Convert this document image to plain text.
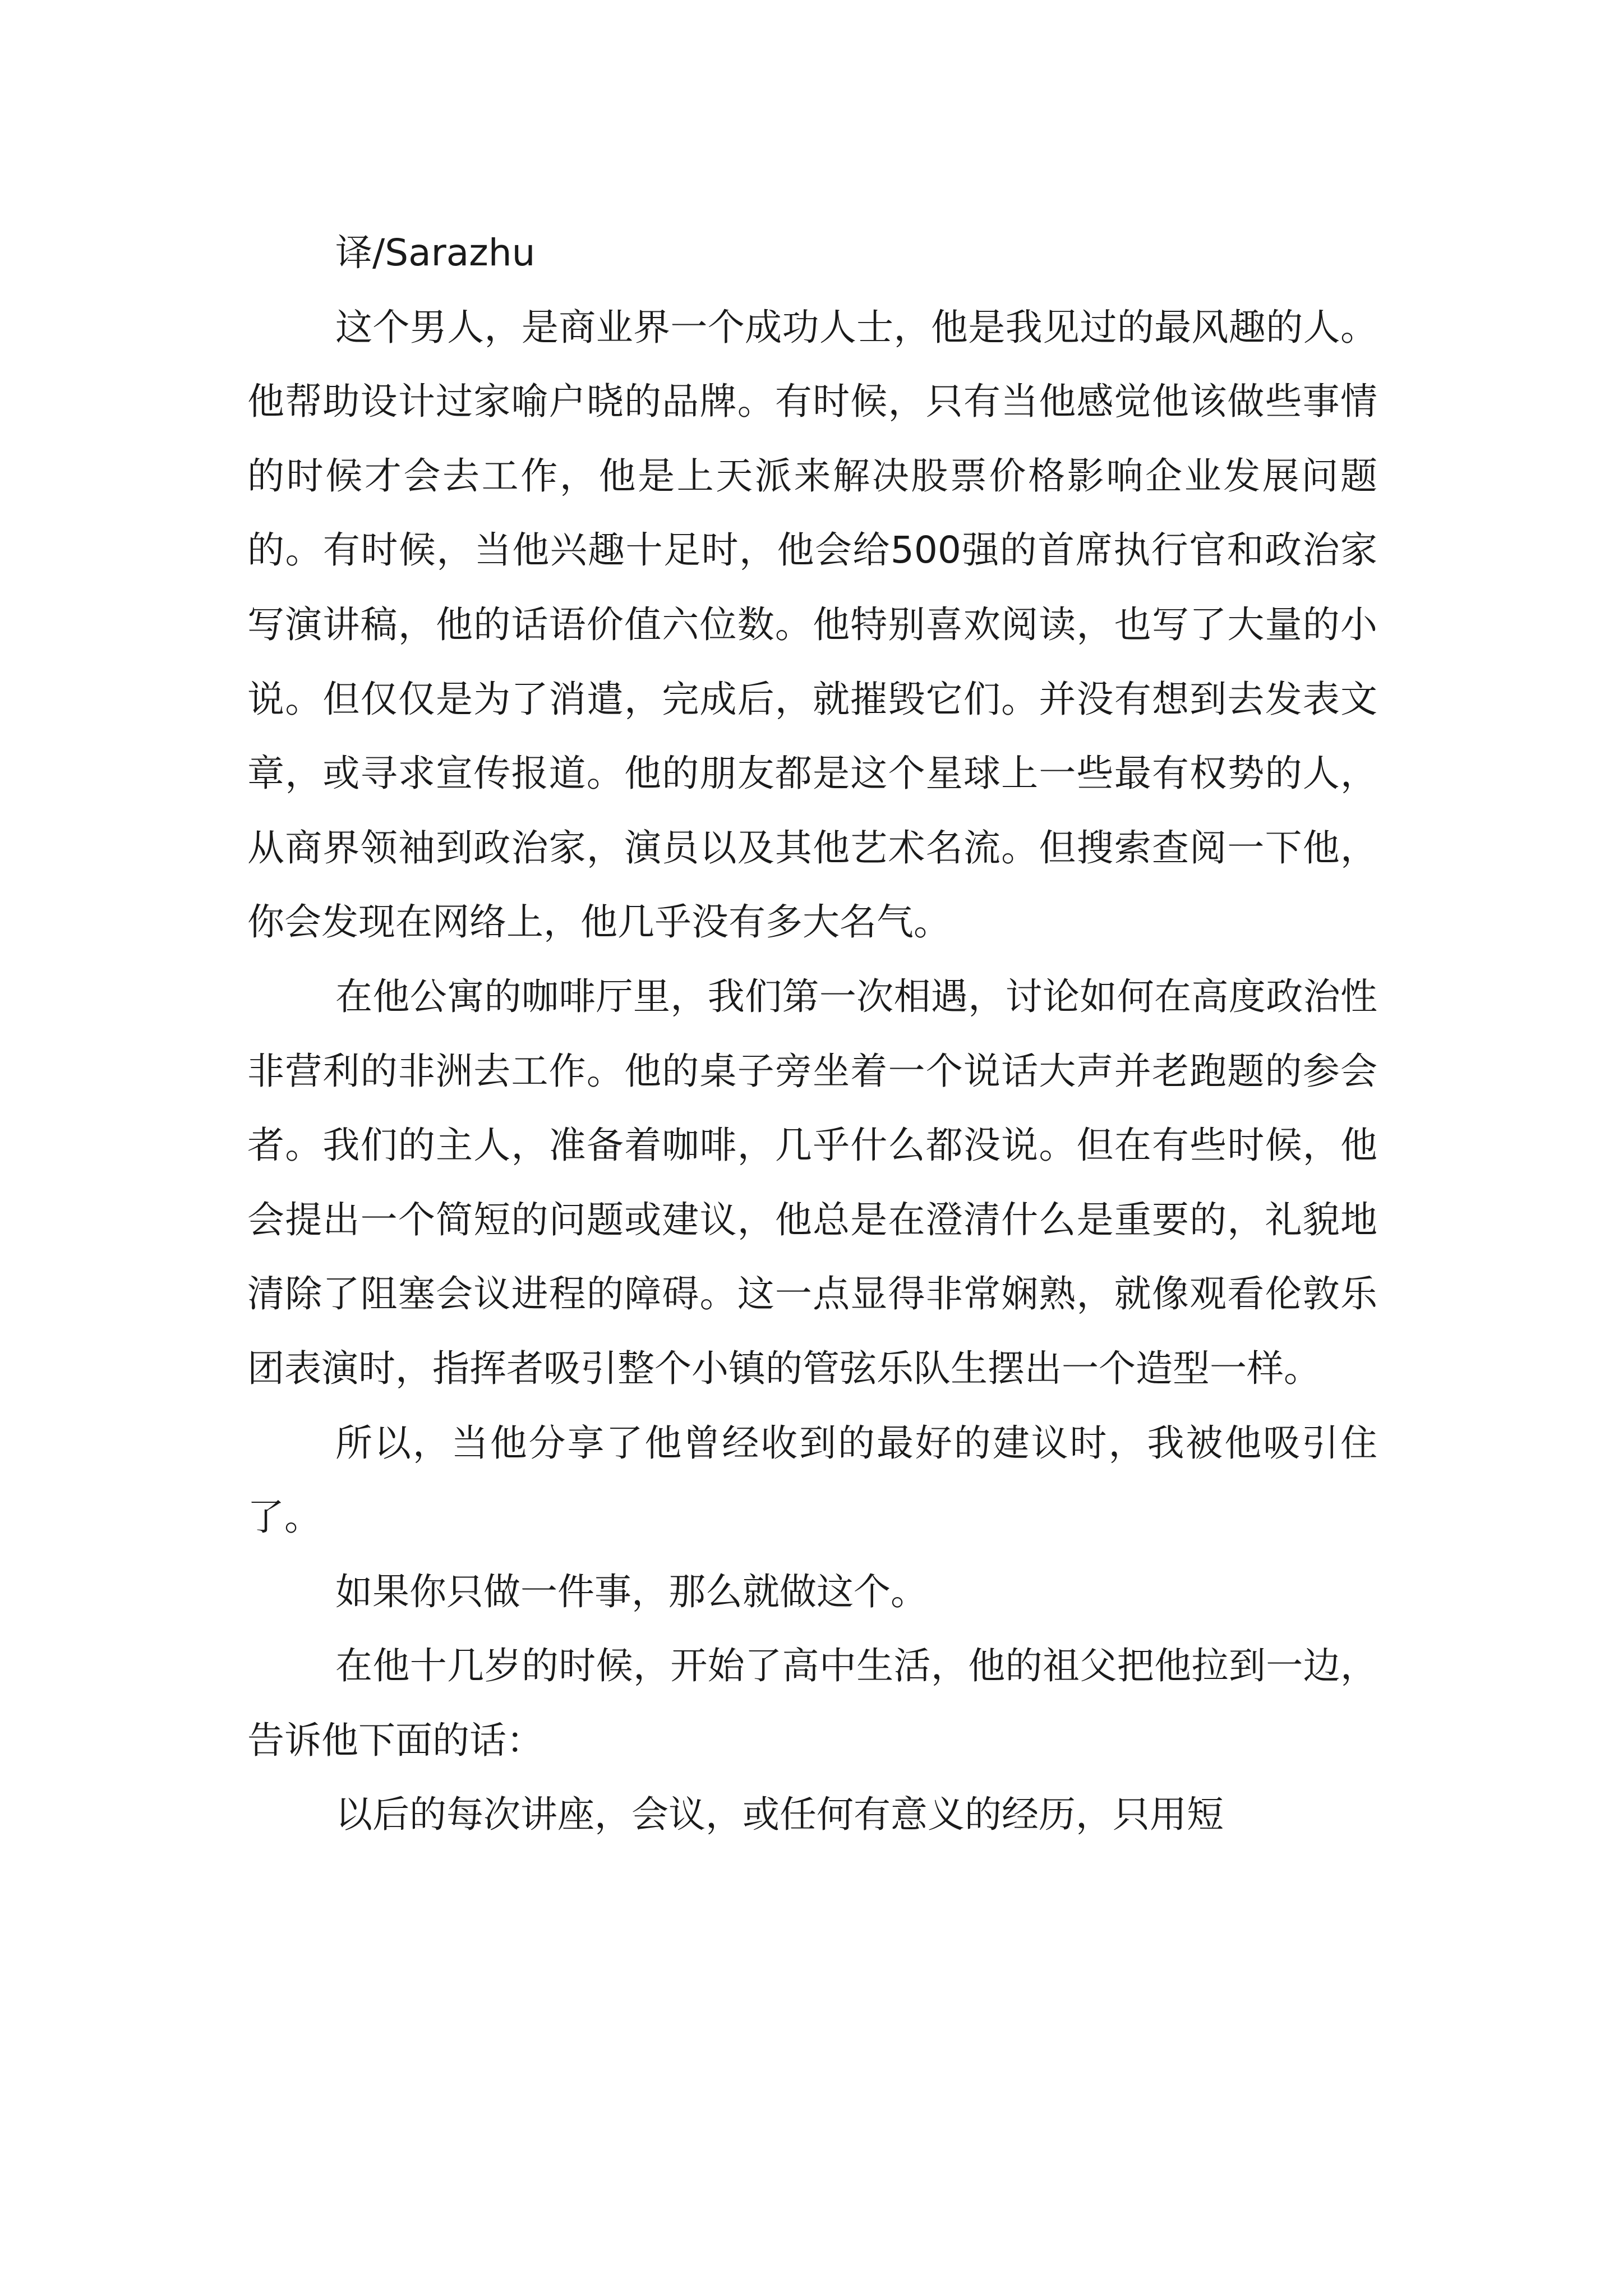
译/Sarazhu

这个男人，是商业界一个成功人士，他是我见过的最风趣的人。他帮助设计过家喻户晓的品牌。有时候，只有当他感觉他该做些事情的时候才会去工作，他是上天派来解决股票价格影响企业发展问题的。有时候，当他兴趣十足时，他会给500强的首席执行官和政治家写演讲稿，他的话语价值六位数。他特别喜欢阅读，也写了大量的小说。但仅仅是为了消遣，完成后，就摧毁它们。并没有想到去发表文章，或寻求宣传报道。他的朋友都是这个星球上一些最有权势的人，从商界领袖到政治家，演员以及其他艺术名流。但搜索查阅一下他，你会发现在网络上，他几乎没有多大名气。

在他公寓的咖啡厅里，我们第一次相遇，讨论如何在高度政治性非营利的非洲去工作。他的桌子旁坐着一个说话大声并老跑题的参会者。我们的主人，准备着咖啡，几乎什么都没说。但在有些时候，他会提出一个简短的问题或建议，他总是在澄清什么是重要的，礼貌地清除了阻塞会议进程的障碍。这一点显得非常娴熟，就像观看伦敦乐团表演时，指挥者吸引整个小镇的管弦乐队生摆出一个造型一样。

所以，当他分享了他曾经收到的最好的建议时，我被他吸引住了。

如果你只做一件事，那么就做这个。

在他十几岁的时候，开始了高中生活，他的祖父把他拉到一边，告诉他下面的话：

以后的每次讲座，会议，或任何有意义的经历，只用短
